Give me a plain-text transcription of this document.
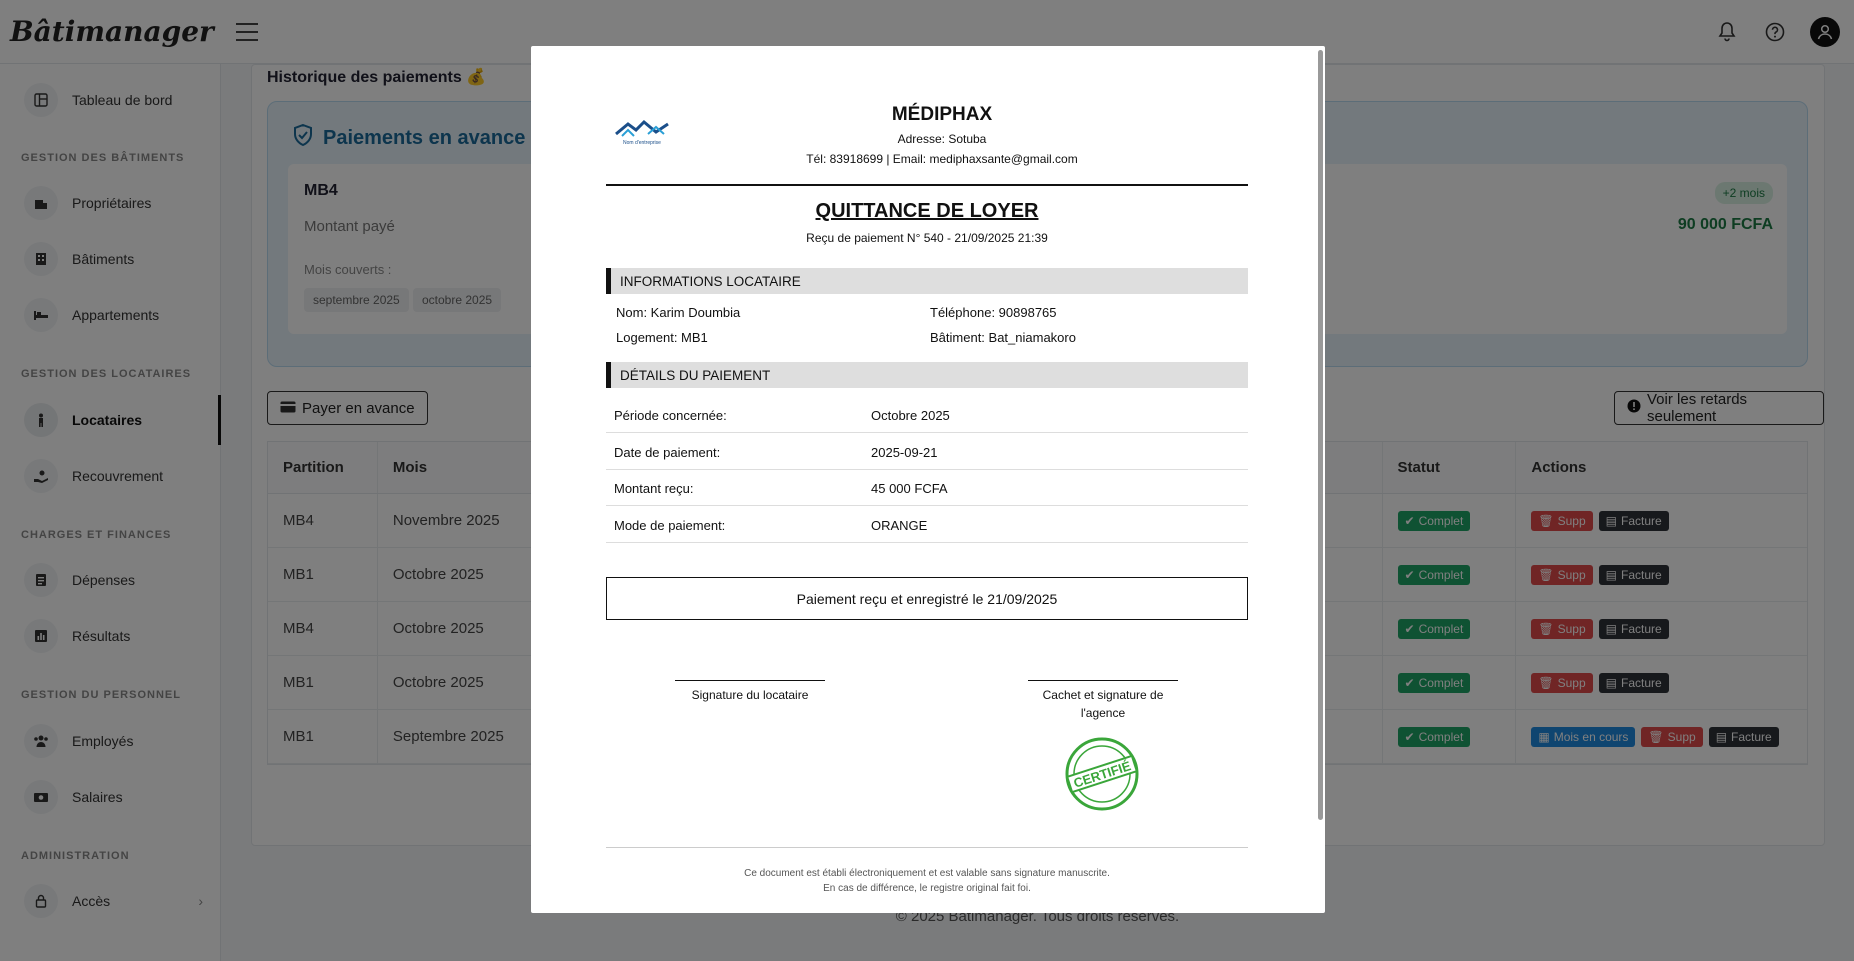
Nom d'entreprise
MÉDIPHAX
Adresse: Sotuba
Tél: 83918699 | Email: mediphaxsante@gmail.com
QUITTANCE DE LOYER
Reçu de paiement N° 540 - 21/09/2025 21:39
INFORMATIONS LOCATAIRE
Nom: Karim Doumbia	Téléphone: 90898765
Logement: MB1	Bâtiment: Bat_niamakoro
DÉTAILS DU PAIEMENT
Période concernée:	Octobre 2025
Date de paiement:	2025-09-21
Montant reçu:	45 000 FCFA
Mode de paiement:	ORANGE
Paiement reçu et enregistré le 21/09/2025
Signature du locataire	Cachet et signature de l'agence
CERTIFIÉ
Ce document est établi électroniquement et est valable sans signature manuscrite.
En cas de différence, le registre original fait foi.
